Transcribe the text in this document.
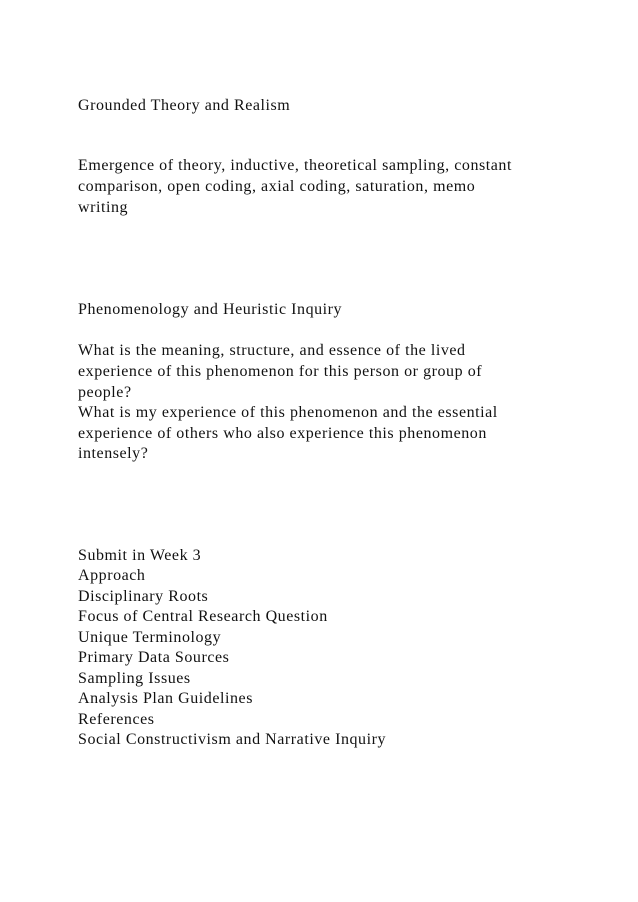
Grounded Theory and Realism

Emergence of theory, inductive, theoretical sampling, constant

comparison, open coding, axial coding, saturation, memo

writing

Phenomenology and Heuristic Inquiry

What is the meaning, structure, and essence of the lived

experience of this phenomenon for this person or group of

people?

What is my experience of this phenomenon and the essential

experience of others who also experience this phenomenon

intensely?

Submit in Week 3

Approach

Disciplinary Roots

Focus of Central Research Question

Unique Terminology

Primary Data Sources

Sampling Issues

Analysis Plan Guidelines

References

Social Constructivism and Narrative Inquiry
